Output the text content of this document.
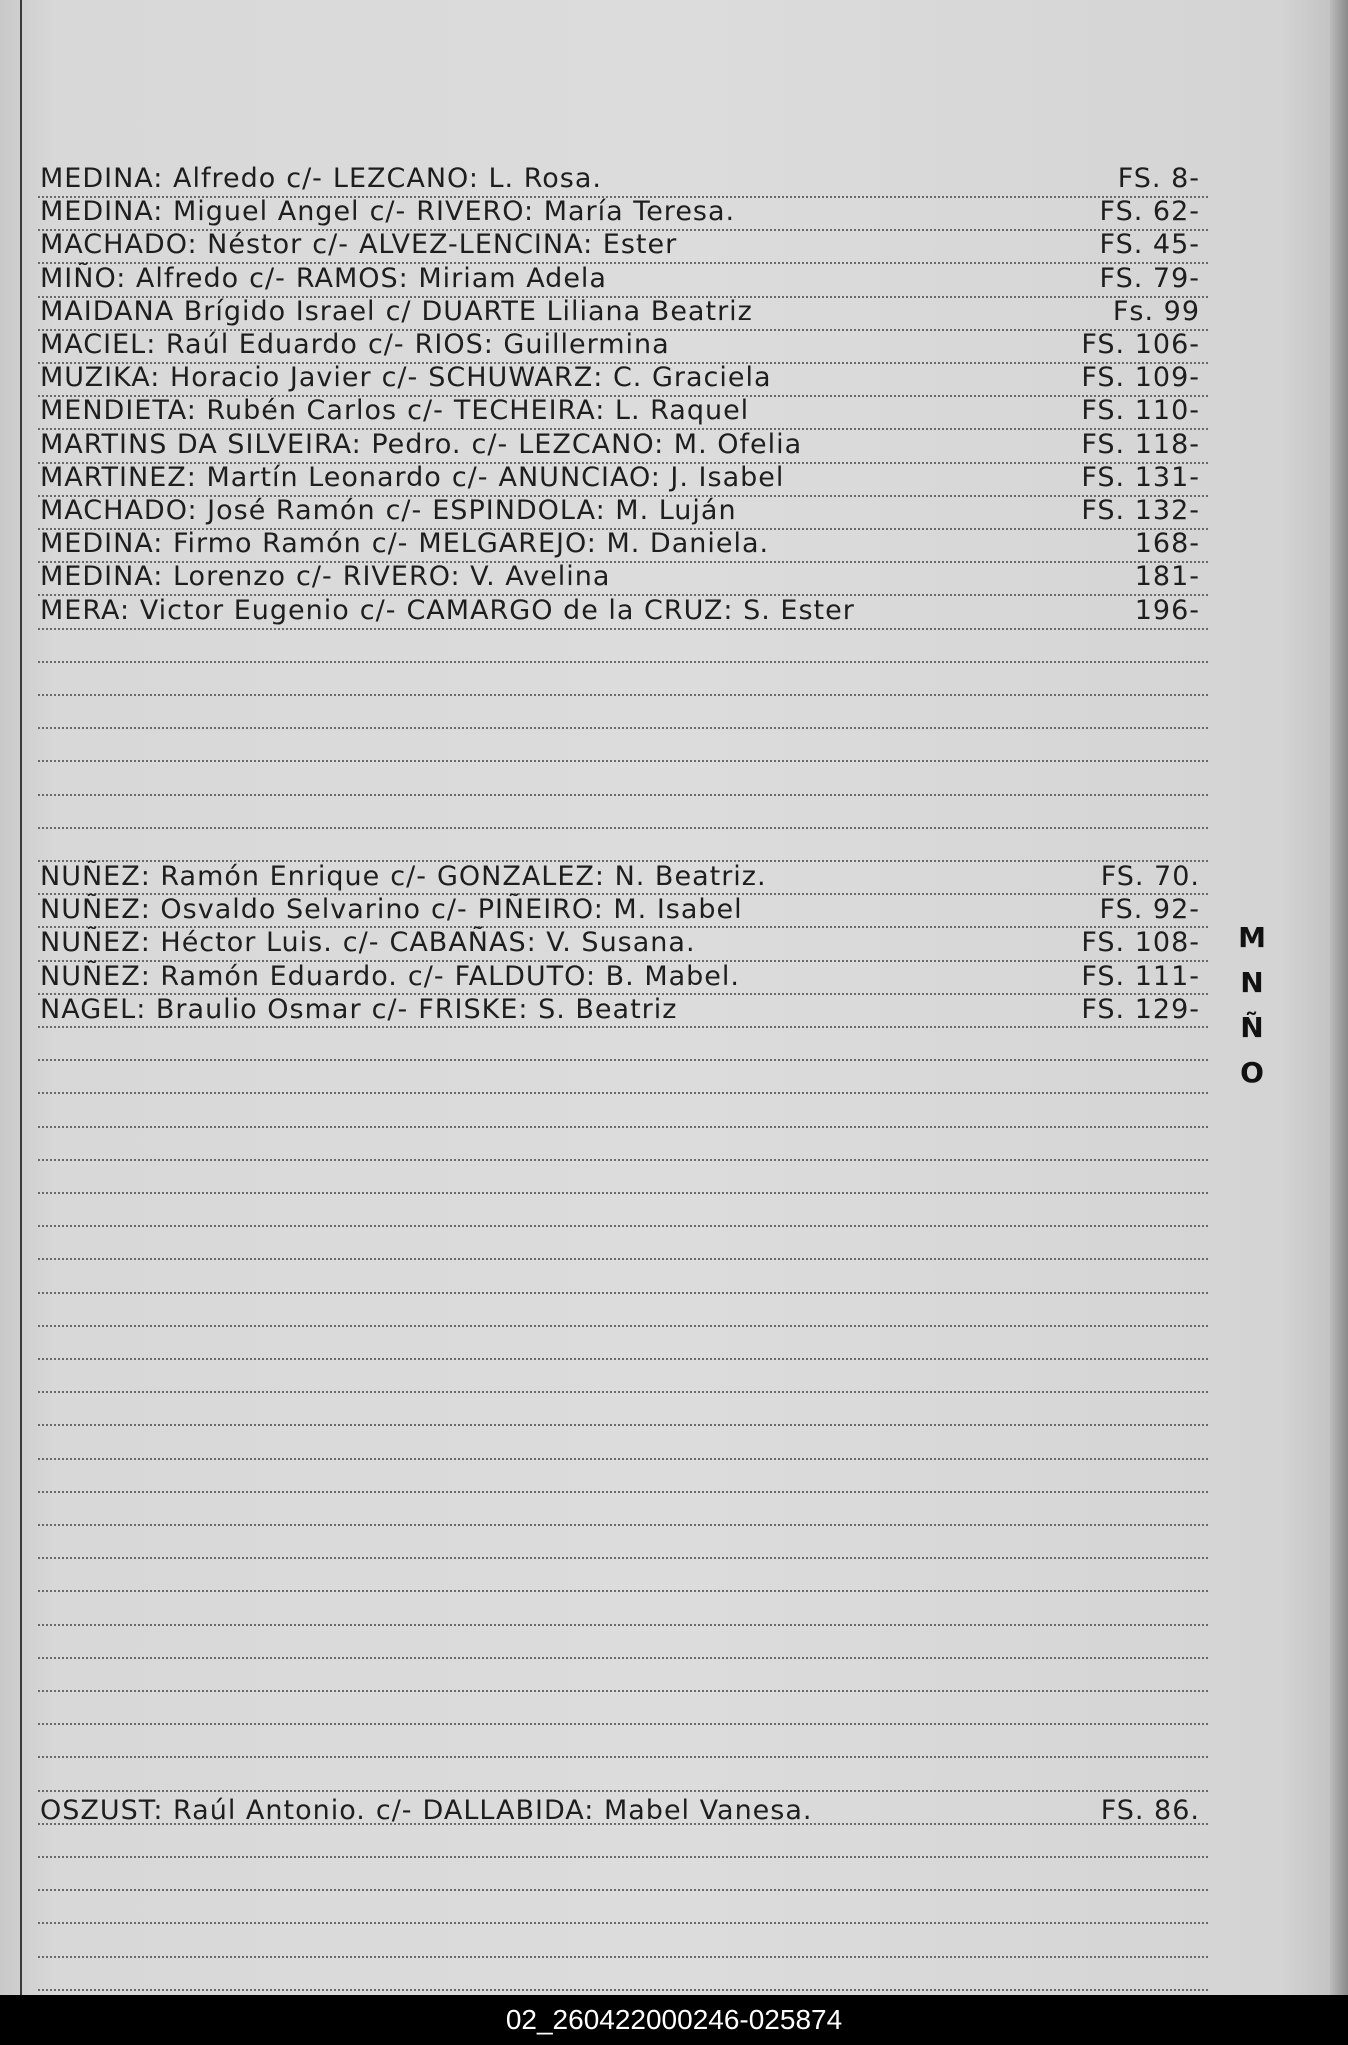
MEDINA: Alfredo c/- LEZCANO: L. Rosa.	FS. 8-
MEDINA: Miguel Angel c/- RIVERO: María Teresa.	FS. 62-
MACHADO: Néstor c/- ALVEZ-LENCINA: Ester	FS. 45-
MIÑO: Alfredo c/- RAMOS: Miriam Adela	FS. 79-
MAIDANA Brígido Israel c/ DUARTE Liliana Beatriz	Fs. 99
MACIEL: Raúl Eduardo c/- RIOS: Guillermina	FS. 106-
MUZIKA: Horacio Javier c/- SCHUWARZ: C. Graciela	FS. 109-
MENDIETA: Rubén Carlos c/- TECHEIRA: L. Raquel	FS. 110-
MARTINS DA SILVEIRA: Pedro. c/- LEZCANO: M. Ofelia	FS. 118-
MARTINEZ: Martín Leonardo c/- ANUNCIAO: J. Isabel	FS. 131-
MACHADO: José Ramón c/- ESPINDOLA: M. Luján	FS. 132-
MEDINA: Firmo Ramón c/- MELGAREJO: M. Daniela.	168-
MEDINA: Lorenzo c/- RIVERO: V. Avelina	181-
MERA: Victor Eugenio c/- CAMARGO de la CRUZ: S. Ester	196-
NUÑEZ: Ramón Enrique c/- GONZALEZ: N. Beatriz.	FS. 70.
NUÑEZ: Osvaldo Selvarino c/- PIÑEIRO: M. Isabel	FS. 92-
NUÑEZ: Héctor Luis. c/- CABAÑAS: V. Susana.	FS. 108-
NUÑEZ: Ramón Eduardo. c/- FALDUTO: B. Mabel.	FS. 111-
NAGEL: Braulio Osmar c/- FRISKE: S. Beatriz	FS. 129-
OSZUST: Raúl Antonio. c/- DALLABIDA: Mabel Vanesa.	FS. 86.
M
N
Ñ
O
02_260422000246-025874
